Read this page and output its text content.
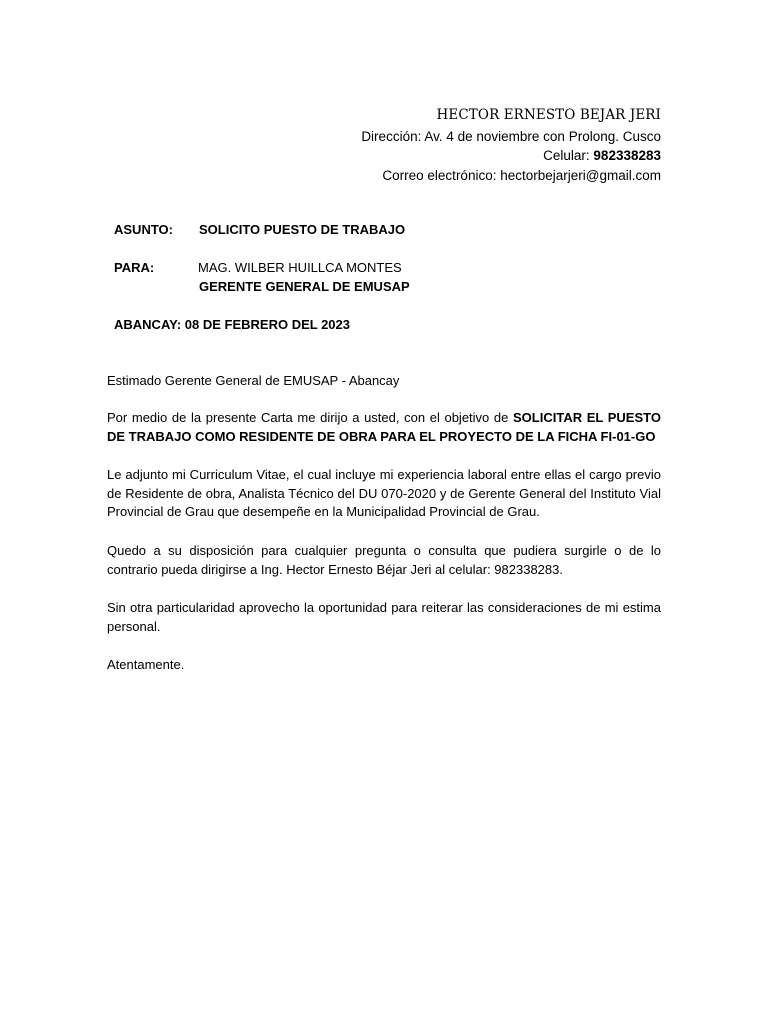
HECTOR ERNESTO BEJAR JERI
Dirección: Av. 4 de noviembre con Prolong. Cusco
Celular: 982338283
Correo electrónico: hectorbejarjeri@gmail.com
ASUNTO: SOLICITO PUESTO DE TRABAJO
PARA:	MAG. WILBER HUILLCA MONTES
GERENTE GENERAL DE EMUSAP
ABANCAY: 08 DE FEBRERO DEL 2023
Estimado Gerente General de EMUSAP - Abancay

Por medio de la presente Carta me dirijo a usted, con el objetivo de SOLICITAR EL PUESTO DE TRABAJO COMO RESIDENTE DE OBRA PARA EL PROYECTO DE LA FICHA FI-01-GO

Le adjunto mi Curriculum Vitae, el cual incluye mi experiencia laboral entre ellas el cargo previo de Residente de obra, Analista Técnico del DU 070-2020 y de Gerente General del Instituto Vial Provincial de Grau que desempeñe en la Municipalidad Provincial de Grau.

Quedo a su disposición para cualquier pregunta o consulta que pudiera surgirle o de lo contrario pueda dirigirse a Ing. Hector Ernesto Béjar Jeri al celular: 982338283.

Sin otra particularidad aprovecho la oportunidad para reiterar las consideraciones de mi estima personal.

Atentamente.
